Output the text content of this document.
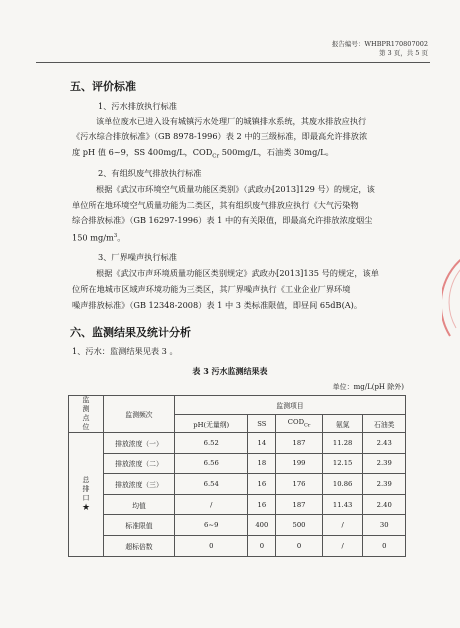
报告编号：WHBPR170807002
第 3 页，共 5 页
五、评价标准
1、污水排放执行标准
该单位废水已进入设有城镇污水处理厂的城镇排水系统，其废水排放应执行
《污水综合排放标准》（GB 8978-1996）表 2 中的三级标准，即最高允许排放浓
度 pH 值 6~9，SS 400mg/L，$COD_{Cr}$ 500mg/L，石油类 30mg/L。
2、有组织废气排放执行标准
根据《武汉市环境空气质量功能区类别》（武政办[2013]129 号）的规定，该
单位所在地环境空气质量功能为二类区，其有组织废气排放应执行《大气污染物
综合排放标准》（GB 16297-1996）表 1 中的有关限值，即最高允许排放浓度烟尘
150 $mg/m^3$。
3、厂界噪声执行标准
根据《武汉市声环境质量功能区类别规定》武政办[2013]135 号的规定，该单
位所在地城市区域声环境功能为三类区，其厂界噪声执行《工业企业厂界环境
噪声排放标准》（GB 12348-2008）表 1 中 3 类标准限值，即昼间 65dB(A)。
六、监测结果及统计分析
1、污水：监测结果见表 3 。
表 3 污水监测结果表
单位：mg/L(pH 除外)
监测点位	监测频次	监测项目				
		pH(无量纲)	SS	$COD_{Cr}$	氨氮	石油类
总排口
★	排放浓度（一）	6.52	14	187	11.28	2.43
	排放浓度（二）	6.56	18	199	12.15	2.39
	排放浓度（三）	6.54	16	176	10.86	2.39
	均值	/	16	187	11.43	2.40
	标准限值	6~9	400	500	/	30
	超标倍数	0	0	0	/	0
